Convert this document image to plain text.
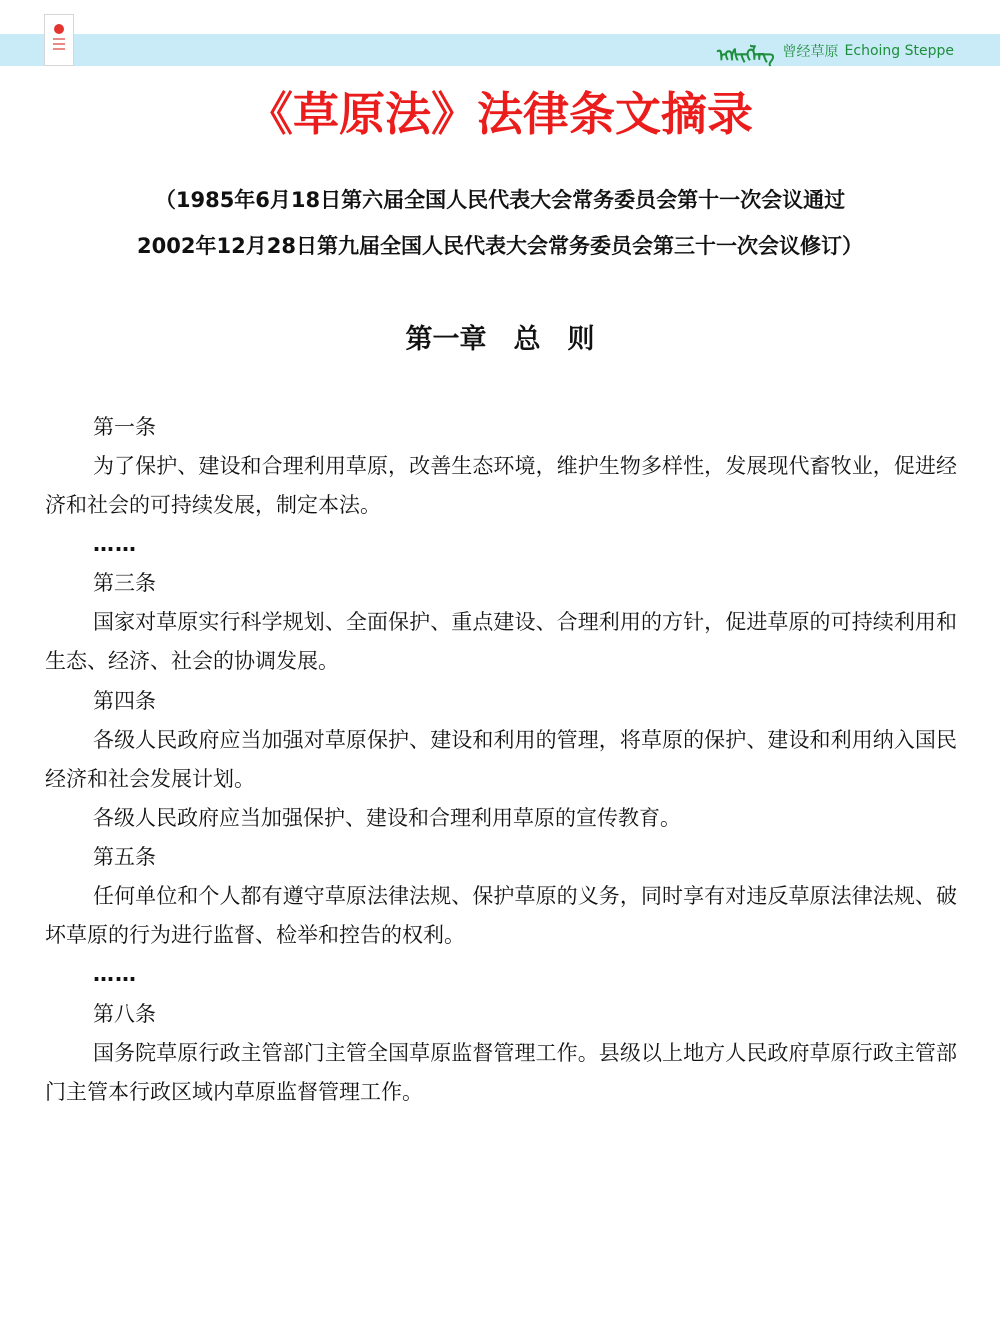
ᠡᠭᠰᠢᠭᠯᠡᠭ 曾经草原 Echoing Steppe
《草原法》法律条文摘录
（1985年6月18日第六届全国人民代表大会常务委员会第十一次会议通过
2002年12月28日第九届全国人民代表大会常务委员会第三十一次会议修订）
第一章　总　则
第一条

为了保护、建设和合理利用草原，改善生态环境，维护生物多样性，发展现代畜牧业，促进经济和社会的可持续发展，制定本法。

……
第三条

国家对草原实行科学规划、全面保护、重点建设、合理利用的方针，促进草原的可持续利用和生态、经济、社会的协调发展。

第四条

各级人民政府应当加强对草原保护、建设和利用的管理，将草原的保护、建设和利用纳入国民经济和社会发展计划。

各级人民政府应当加强保护、建设和合理利用草原的宣传教育。

第五条

任何单位和个人都有遵守草原法律法规、保护草原的义务，同时享有对违反草原法律法规、破坏草原的行为进行监督、检举和控告的权利。

……
第八条

国务院草原行政主管部门主管全国草原监督管理工作。县级以上地方人民政府草原行政主管部门主管本行政区域内草原监督管理工作。
